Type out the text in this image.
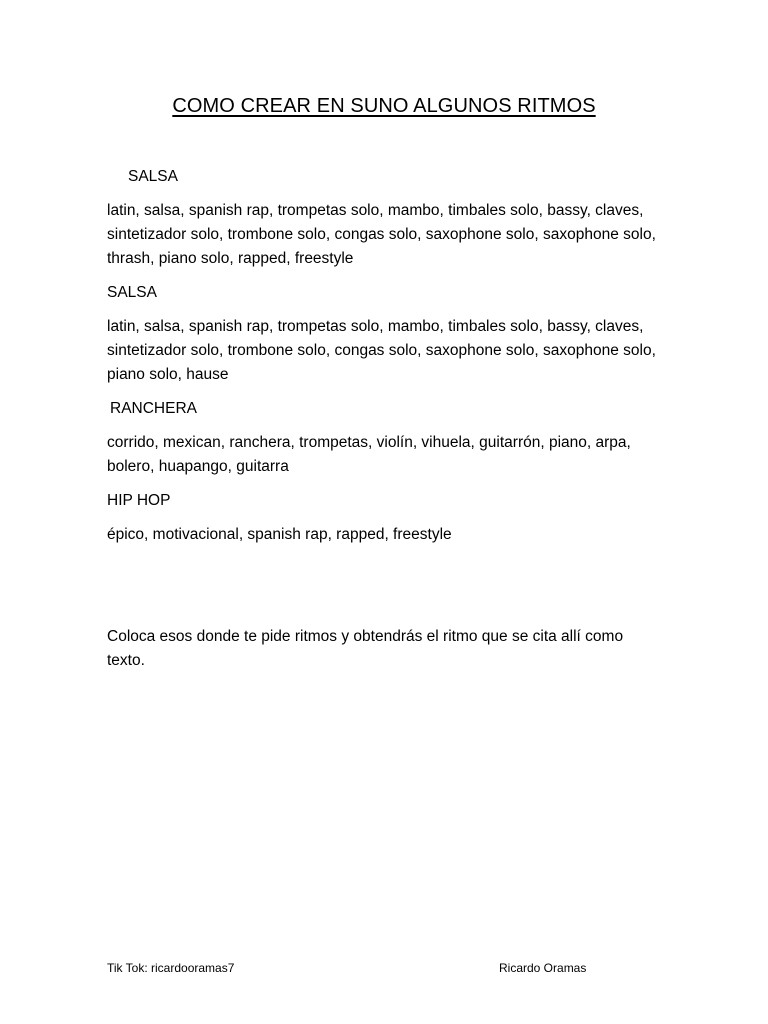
COMO CREAR EN SUNO ALGUNOS RITMOS

SALSA

latin, salsa, spanish rap, trompetas solo, mambo, timbales solo, bassy, claves, sintetizador solo, trombone solo, congas solo, saxophone solo, saxophone solo, thrash, piano solo, rapped, freestyle

SALSA

latin, salsa, spanish rap, trompetas solo, mambo, timbales solo, bassy, claves, sintetizador solo, trombone solo, congas solo, saxophone solo, saxophone solo, piano solo, hause

RANCHERA

corrido, mexican, ranchera, trompetas, violín, vihuela, guitarrón, piano, arpa, bolero, huapango, guitarra

HIP HOP

épico, motivacional, spanish rap, rapped, freestyle

Coloca esos donde te pide ritmos y obtendrás el ritmo que se cita allí como texto.

Tik Tok: ricardooramas7	Ricardo Oramas
